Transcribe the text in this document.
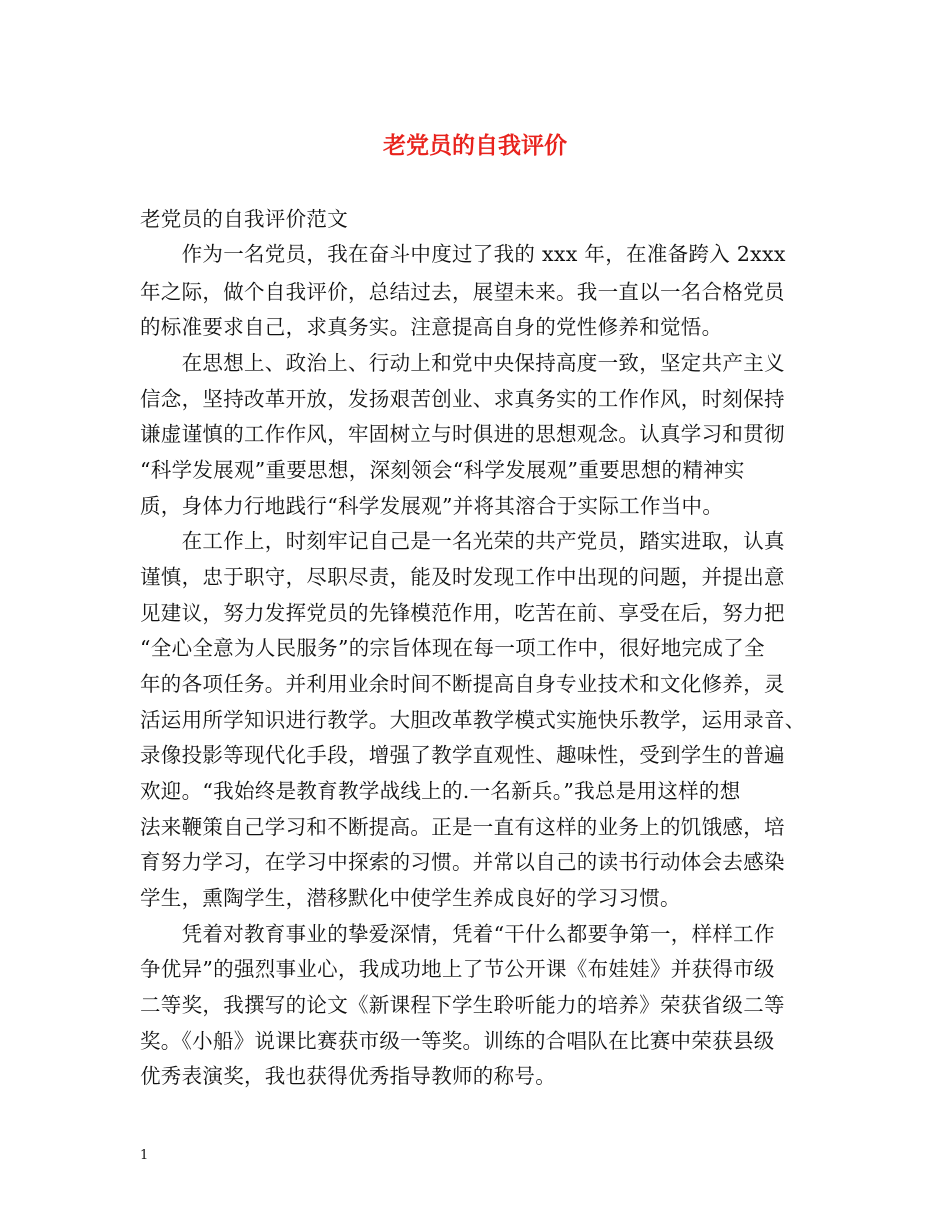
老党员的自我评价
老党员的自我评价范文
　　作为一名党员，我在奋斗中度过了我的 xxx 年，在准备跨入 2xxx
年之际，做个自我评价，总结过去，展望未来。我一直以一名合格党员
的标准要求自己，求真务实。注意提高自身的党性修养和觉悟。
　　在思想上、政治上、行动上和党中央保持高度一致，坚定共产主义
信念，坚持改革开放，发扬艰苦创业、求真务实的工作作风，时刻保持
谦虚谨慎的工作作风，牢固树立与时俱进的思想观念。认真学习和贯彻
“科学发展观”重要思想，深刻领会“科学发展观”重要思想的精神实
质，身体力行地践行“科学发展观”并将其溶合于实际工作当中。
　　在工作上，时刻牢记自己是一名光荣的共产党员，踏实进取，认真
谨慎，忠于职守，尽职尽责，能及时发现工作中出现的问题，并提出意
见建议，努力发挥党员的先锋模范作用，吃苦在前、享受在后，努力把
“全心全意为人民服务”的宗旨体现在每一项工作中，很好地完成了全
年的各项任务。并利用业余时间不断提高自身专业技术和文化修养，灵
活运用所学知识进行教学。大胆改革教学模式实施快乐教学，运用录音、
录像投影等现代化手段，增强了教学直观性、趣味性，受到学生的普遍
欢迎。“我始终是教育教学战线上的.一名新兵。”我总是用这样的想
法来鞭策自己学习和不断提高。正是一直有这样的业务上的饥饿感，培
育努力学习，在学习中探索的习惯。并常以自己的读书行动体会去感染
学生，熏陶学生，潜移默化中使学生养成良好的学习习惯。
　　凭着对教育事业的挚爱深情，凭着“干什么都要争第一，样样工作
争优异”的强烈事业心，我成功地上了节公开课《布娃娃》并获得市级
二等奖，我撰写的论文《新课程下学生聆听能力的培养》荣获省级二等
奖。《小船》说课比赛获市级一等奖。训练的合唱队在比赛中荣获县级
优秀表演奖，我也获得优秀指导教师的称号。
1
